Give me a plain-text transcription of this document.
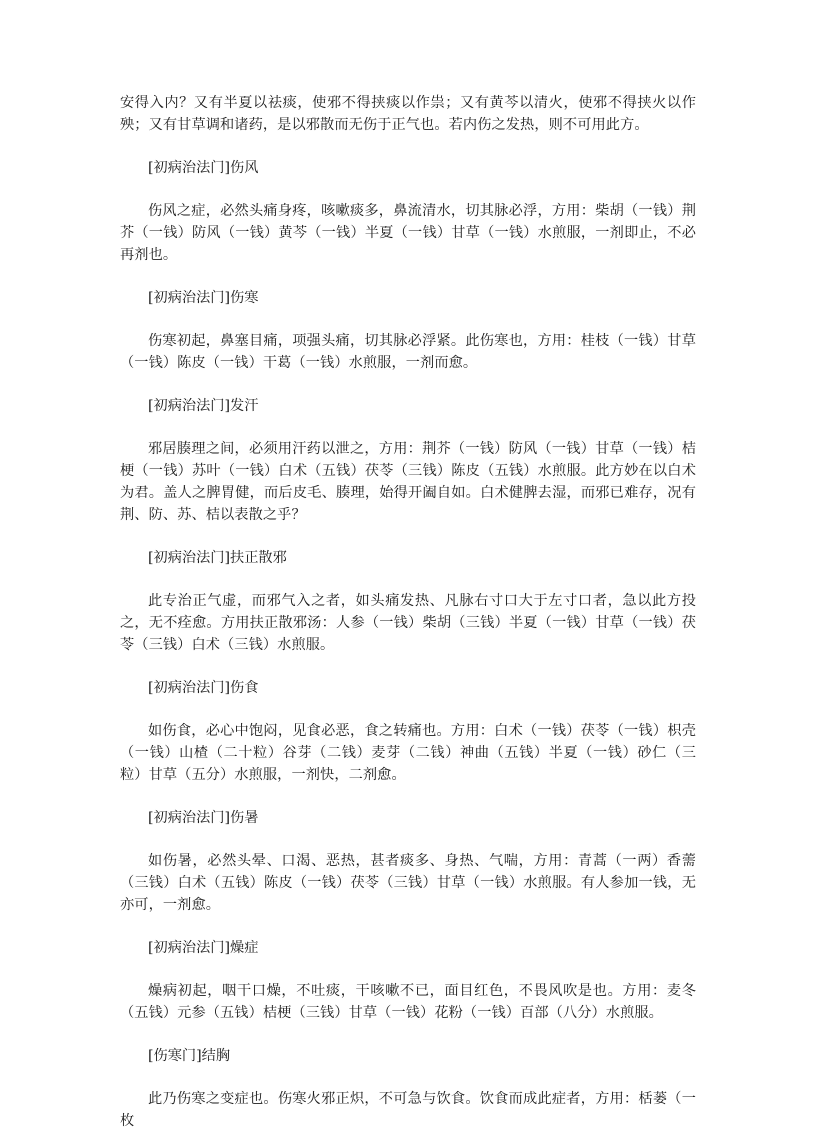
安得入内？又有半夏以祛痰，使邪不得挟痰以作祟；又有黄芩以清火，使邪不得挟火以作殃；又有甘草调和诸药，是以邪散而无伤于正气也。若内伤之发热，则不可用此方。

[初病治法门]伤风

伤风之症，必然头痛身疼，咳嗽痰多，鼻流清水，切其脉必浮，方用：柴胡（一钱）荆芥（一钱）防风（一钱）黄芩（一钱）半夏（一钱）甘草（一钱）水煎服，一剂即止，不必再剂也。

[初病治法门]伤寒

伤寒初起，鼻塞目痛，项强头痛，切其脉必浮紧。此伤寒也，方用：桂枝（一钱）甘草（一钱）陈皮（一钱）干葛（一钱）水煎服，一剂而愈。

[初病治法门]发汗

邪居腠理之间，必须用汗药以泄之，方用：荆芥（一钱）防风（一钱）甘草（一钱）桔梗（一钱）苏叶（一钱）白术（五钱）茯苓（三钱）陈皮（五钱）水煎服。此方妙在以白术为君。盖人之脾胃健，而后皮毛、腠理，始得开阖自如。白术健脾去湿，而邪已难存，况有荆、防、苏、桔以表散之乎？

[初病治法门]扶正散邪

此专治正气虚，而邪气入之者，如头痛发热、凡脉右寸口大于左寸口者，急以此方投之，无不痊愈。方用扶正散邪汤：人参（一钱）柴胡（三钱）半夏（一钱）甘草（一钱）茯苓（三钱）白术（三钱）水煎服。

[初病治法门]伤食

如伤食，必心中饱闷，见食必恶，食之转痛也。方用：白术（一钱）茯苓（一钱）枳壳（一钱）山楂（二十粒）谷芽（二钱）麦芽（二钱）神曲（五钱）半夏（一钱）砂仁（三粒）甘草（五分）水煎服，一剂快，二剂愈。

[初病治法门]伤暑

如伤暑，必然头晕、口渴、恶热，甚者痰多、身热、气喘，方用：青蒿（一两）香薷（三钱）白术（五钱）陈皮（一钱）茯苓（三钱）甘草（一钱）水煎服。有人参加一钱，无亦可，一剂愈。

[初病治法门]燥症

燥病初起，咽干口燥，不吐痰，干咳嗽不已，面目红色，不畏风吹是也。方用：麦冬（五钱）元参（五钱）桔梗（三钱）甘草（一钱）花粉（一钱）百部（八分）水煎服。

[伤寒门]结胸

此乃伤寒之变症也。伤寒火邪正炽，不可急与饮食。饮食而成此症者，方用：栝蒌（一枚
